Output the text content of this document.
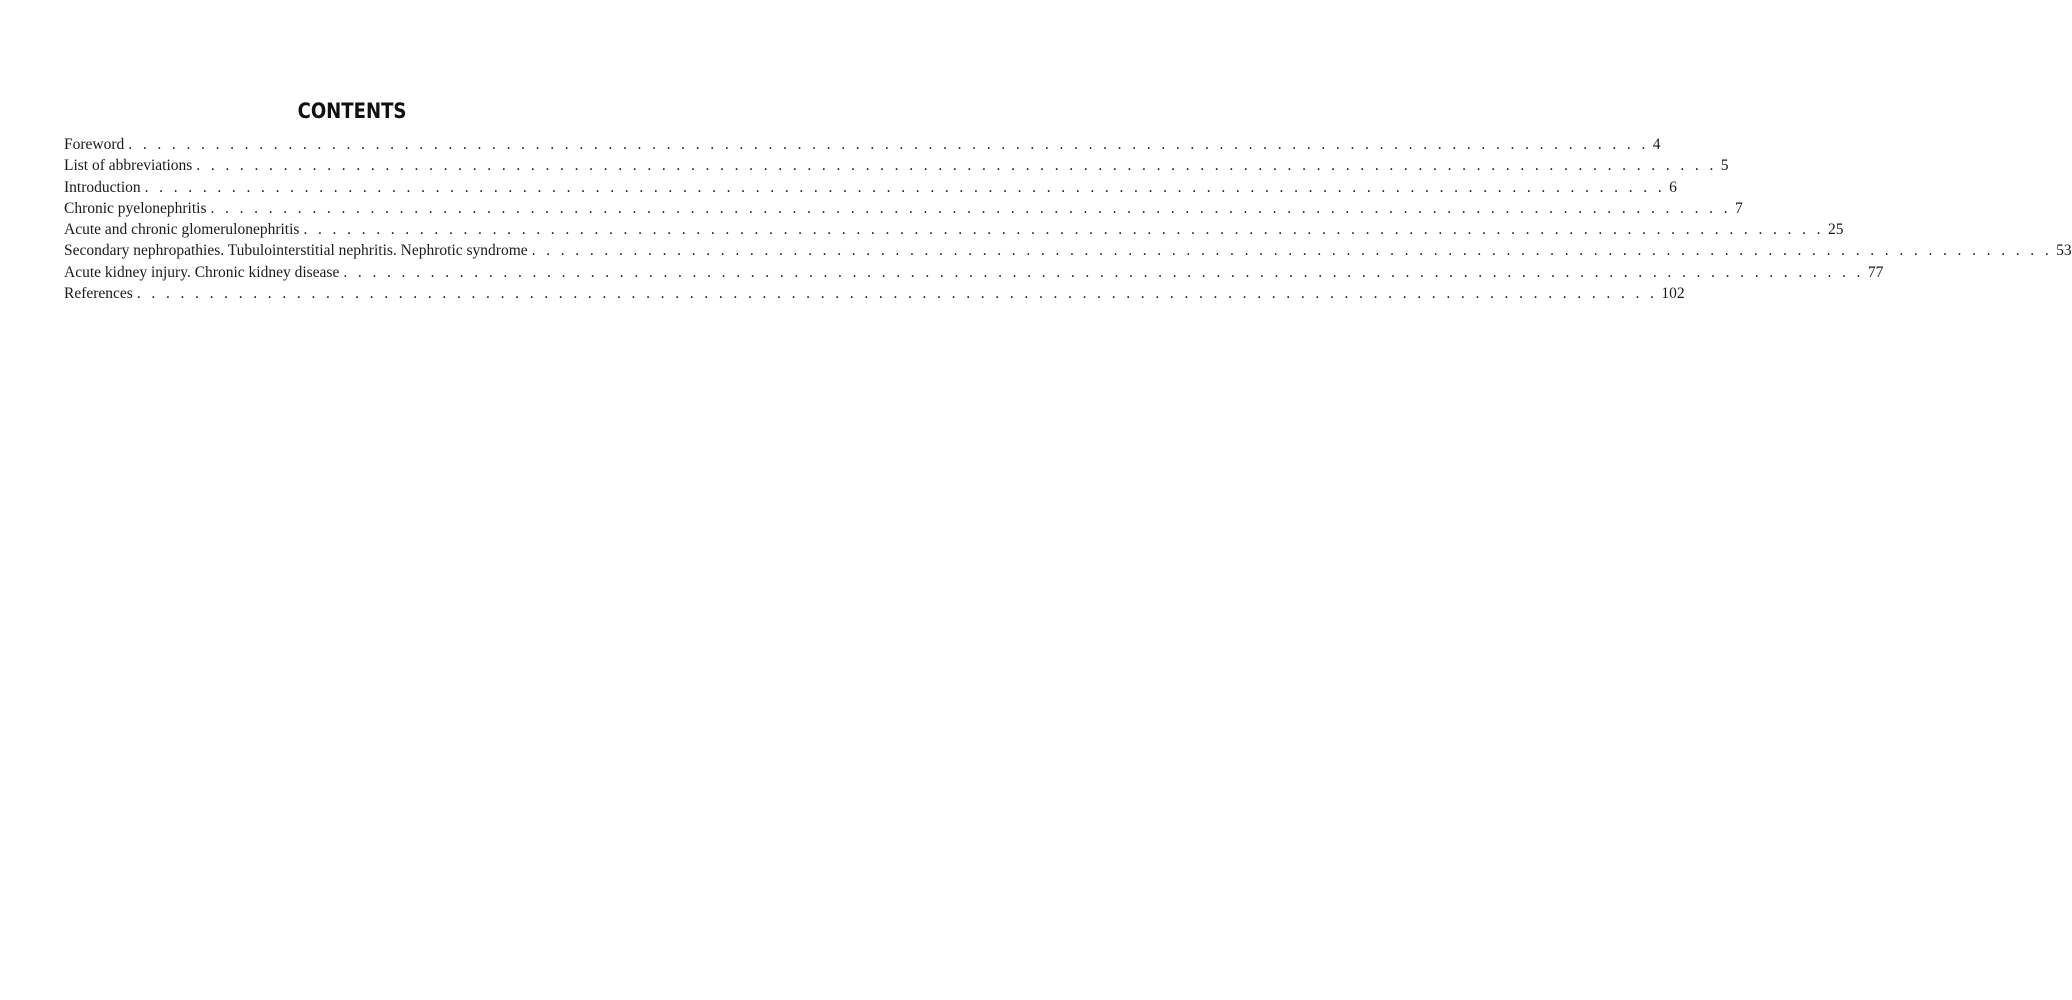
CONTENTS
Foreword . . . . . . . . . . . . . . . . . . . . . . . . . . . . . . . . . . . . . . . . . . . . . . . . . . . . . . . . . . . . . . . . . . . . . . . . . . . . . . . . . . . . . . . . . . . . . . . . . . . . . . . . . 4
List of abbreviations . . . . . . . . . . . . . . . . . . . . . . . . . . . . . . . . . . . . . . . . . . . . . . . . . . . . . . . . . . . . . . . . . . . . . . . . . . . . . . . . . . . . . . . . . . . . . . . . . . . . . . . . . 5
Introduction . . . . . . . . . . . . . . . . . . . . . . . . . . . . . . . . . . . . . . . . . . . . . . . . . . . . . . . . . . . . . . . . . . . . . . . . . . . . . . . . . . . . . . . . . . . . . . . . . . . . . . . . . 6
Chronic pyelonephritis . . . . . . . . . . . . . . . . . . . . . . . . . . . . . . . . . . . . . . . . . . . . . . . . . . . . . . . . . . . . . . . . . . . . . . . . . . . . . . . . . . . . . . . . . . . . . . . . . . . . . . . . . 7
Acute and chronic glomerulonephritis . . . . . . . . . . . . . . . . . . . . . . . . . . . . . . . . . . . . . . . . . . . . . . . . . . . . . . . . . . . . . . . . . . . . . . . . . . . . . . . . . . . . . . . . . . . . . . . . . . . . . . . . . 25
Secondary nephropathies. Tubulointerstitial nephritis. Nephrotic syndrome . . . . . . . . . . . . . . . . . . . . . . . . . . . . . . . . . . . . . . . . . . . . . . . . . . . . . . . . . . . . . . . . . . . . . . . . . . . . . . . . . . . . . . . . . . . . . . . . . . . . . . . . . 53
Acute kidney injury. Chronic kidney disease . . . . . . . . . . . . . . . . . . . . . . . . . . . . . . . . . . . . . . . . . . . . . . . . . . . . . . . . . . . . . . . . . . . . . . . . . . . . . . . . . . . . . . . . . . . . . . . . . . . . . . . . . 77
References . . . . . . . . . . . . . . . . . . . . . . . . . . . . . . . . . . . . . . . . . . . . . . . . . . . . . . . . . . . . . . . . . . . . . . . . . . . . . . . . . . . . . . . . . . . . . . . . . . . . . . . . . 102
